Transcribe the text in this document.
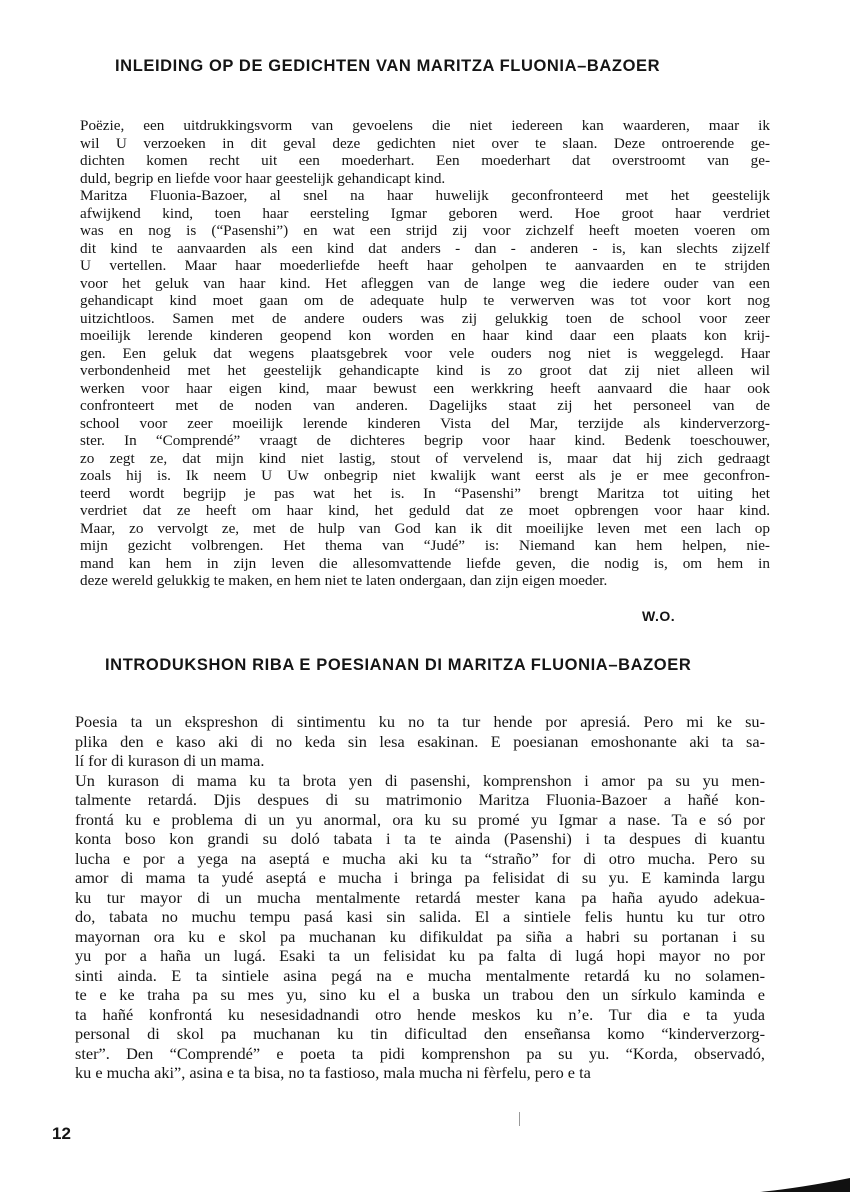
INLEIDING OP DE GEDICHTEN VAN MARITZA FLUONIA–BAZOER
Poëzie, een uitdrukkingsvorm van gevoelens die niet iedereen kan waarderen, maar ik
wil U verzoeken in dit geval deze gedichten niet over te slaan. Deze ontroerende ge-
dichten komen recht uit een moederhart. Een moederhart dat overstroomt van ge-
duld, begrip en liefde voor haar geestelijk gehandicapt kind.
Maritza Fluonia-Bazoer, al snel na haar huwelijk geconfronteerd met het geestelijk
afwijkend kind, toen haar eersteling Igmar geboren werd. Hoe groot haar verdriet
was en nog is (“Pasenshi”) en wat een strijd zij voor zichzelf heeft moeten voeren om
dit kind te aanvaarden als een kind dat anders - dan - anderen - is, kan slechts zijzelf
U vertellen. Maar haar moederliefde heeft haar geholpen te aanvaarden en te strijden
voor het geluk van haar kind. Het afleggen van de lange weg die iedere ouder van een
gehandicapt kind moet gaan om de adequate hulp te verwerven was tot voor kort nog
uitzichtloos. Samen met de andere ouders was zij gelukkig toen de school voor zeer
moeilijk lerende kinderen geopend kon worden en haar kind daar een plaats kon krij-
gen. Een geluk dat wegens plaatsgebrek voor vele ouders nog niet is weggelegd. Haar
verbondenheid met het geestelijk gehandicapte kind is zo groot dat zij niet alleen wil
werken voor haar eigen kind, maar bewust een werkkring heeft aanvaard die haar ook
confronteert met de noden van anderen. Dagelijks staat zij het personeel van de
school voor zeer moeilijk lerende kinderen Vista del Mar, terzijde als kinderverzorg-
ster. In “Comprendé” vraagt de dichteres begrip voor haar kind. Bedenk toeschouwer,
zo zegt ze, dat mijn kind niet lastig, stout of vervelend is, maar dat hij zich gedraagt
zoals hij is. Ik neem U Uw onbegrip niet kwalijk want eerst als je er mee geconfron-
teerd wordt begrijp je pas wat het is. In “Pasenshi” brengt Maritza tot uiting het
verdriet dat ze heeft om haar kind, het geduld dat ze moet opbrengen voor haar kind.
Maar, zo vervolgt ze, met de hulp van God kan ik dit moeilijke leven met een lach op
mijn gezicht volbrengen. Het thema van “Judé” is: Niemand kan hem helpen, nie-
mand kan hem in zijn leven die allesomvattende liefde geven, die nodig is, om hem in
deze wereld gelukkig te maken, en hem niet te laten ondergaan, dan zijn eigen moeder.
W.O.
INTRODUKSHON RIBA E POESIANAN DI MARITZA FLUONIA–BAZOER
Poesia ta un ekspreshon di sintimentu ku no ta tur hende por apresiá. Pero mi ke su-
plika den e kaso aki di no keda sin lesa esakinan. E poesianan emoshonante aki ta sa-
lí for di kurason di un mama.
Un kurason di mama ku ta brota yen di pasenshi, komprenshon i amor pa su yu men-
talmente retardá. Djis despues di su matrimonio Maritza Fluonia-Bazoer a hañé kon-
frontá ku e problema di un yu anormal, ora ku su promé yu Igmar a nase. Ta e só por
konta boso kon grandi su doló tabata i ta te ainda (Pasenshi) i ta despues di kuantu
lucha e por a yega na aseptá e mucha aki ku ta “straño” for di otro mucha. Pero su
amor di mama ta yudé aseptá e mucha i bringa pa felisidat di su yu. E kaminda largu
ku tur mayor di un mucha mentalmente retardá mester kana pa haña ayudo adekua-
do, tabata no muchu tempu pasá kasi sin salida. El a sintiele felis huntu ku tur otro
mayornan ora ku e skol pa muchanan ku difikuldat pa siña a habri su portanan i su
yu por a haña un lugá. Esaki ta un felisidat ku pa falta di lugá hopi mayor no por
sinti ainda. E ta sintiele asina pegá na e mucha mentalmente retardá ku no solamen-
te e ke traha pa su mes yu, sino ku el a buska un trabou den un sírkulo kaminda e
ta hañé konfrontá ku nesesidadnandi otro hende meskos ku n’e. Tur dia e ta yuda
personal di skol pa muchanan ku tin dificultad den enseñansa komo “kinderverzorg-
ster”. Den “Comprendé” e poeta ta pidi komprenshon pa su yu. “Korda, observadó,
ku e mucha aki”, asina e ta bisa, no ta fastioso, mala mucha ni fèrfelu, pero e ta
12
